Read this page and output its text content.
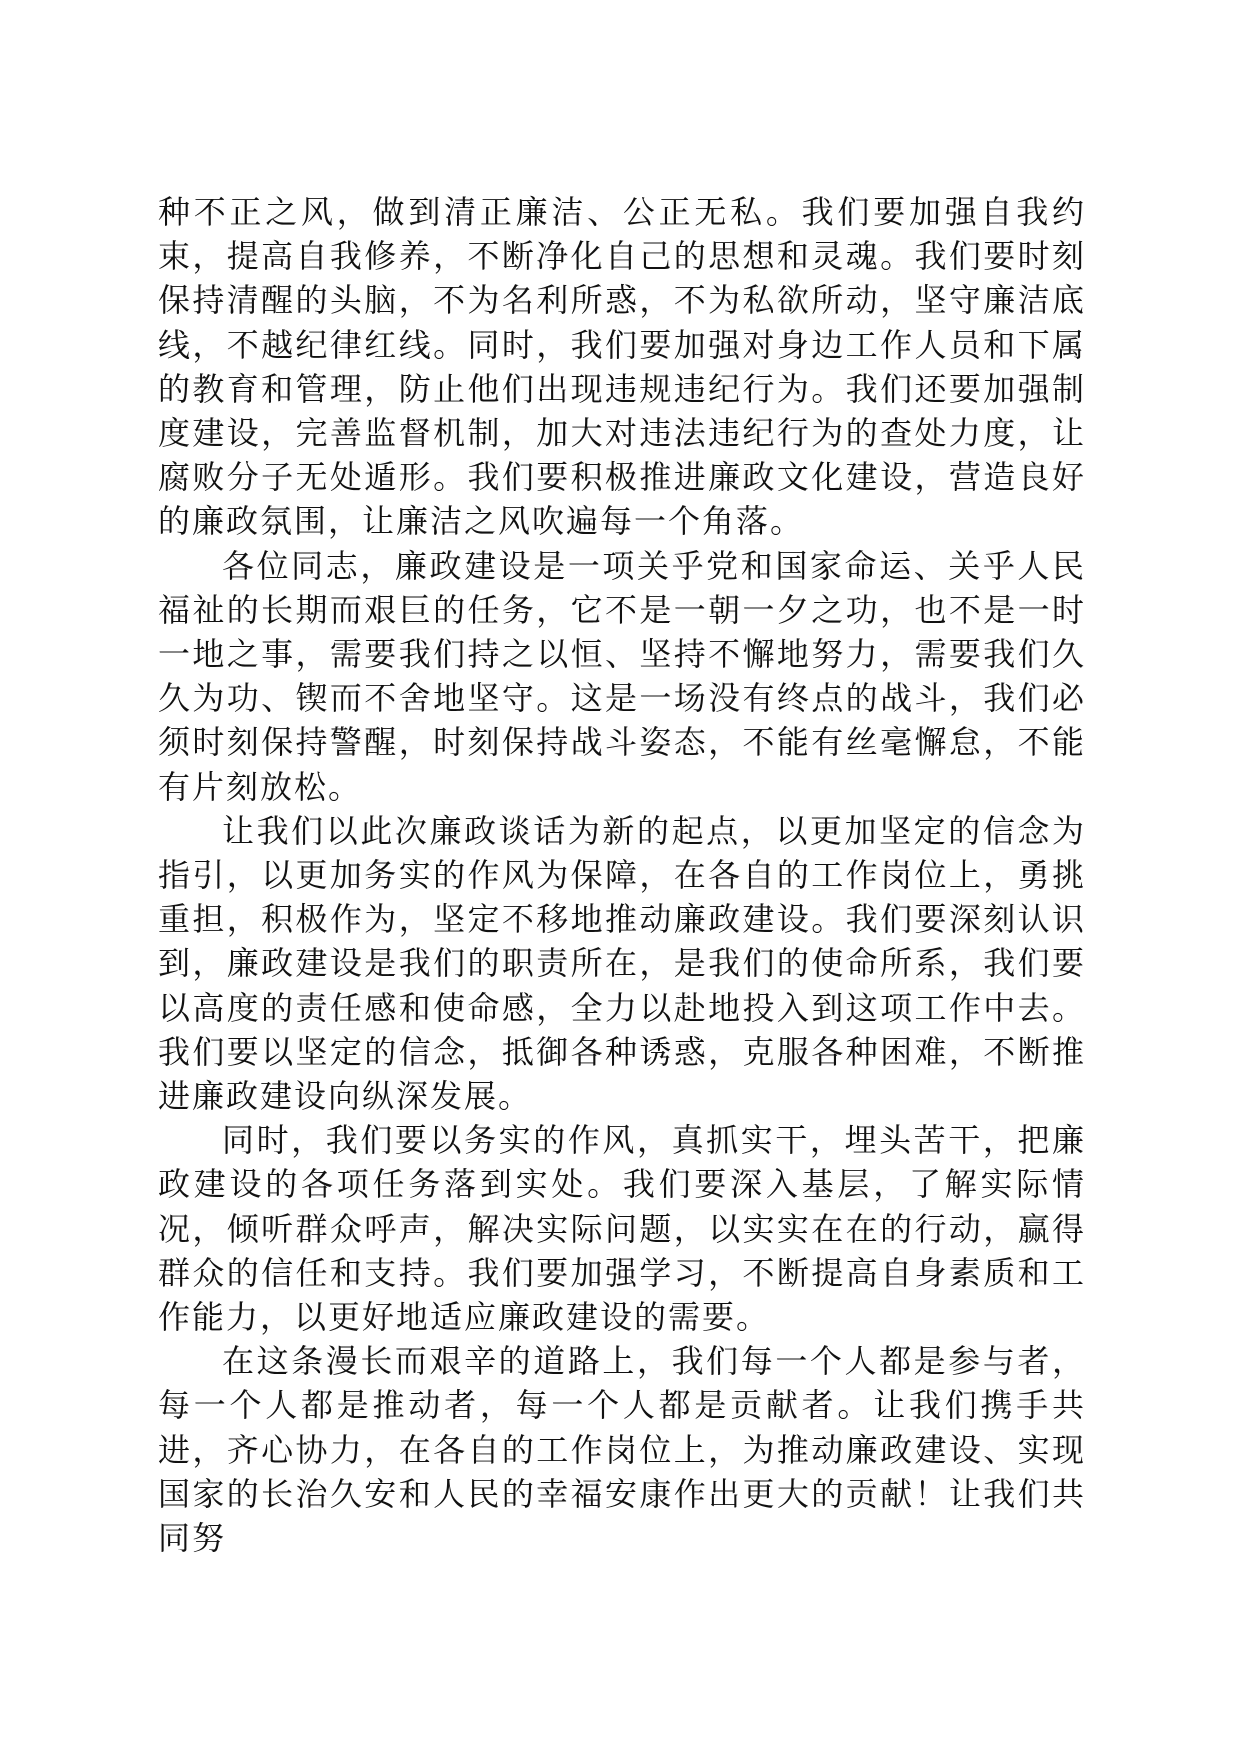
种不正之风，做到清正廉洁、公正无私。我们要加强自我约束，提高自我修养，不断净化自己的思想和灵魂。我们要时刻保持清醒的头脑，不为名利所惑，不为私欲所动，坚守廉洁底线，不越纪律红线。同时，我们要加强对身边工作人员和下属的教育和管理，防止他们出现违规违纪行为。我们还要加强制度建设，完善监督机制，加大对违法违纪行为的查处力度，让腐败分子无处遁形。我们要积极推进廉政文化建设，营造良好的廉政氛围，让廉洁之风吹遍每一个角落。

各位同志，廉政建设是一项关乎党和国家命运、关乎人民福祉的长期而艰巨的任务，它不是一朝一夕之功，也不是一时一地之事，需要我们持之以恒、坚持不懈地努力，需要我们久久为功、锲而不舍地坚守。这是一场没有终点的战斗，我们必须时刻保持警醒，时刻保持战斗姿态，不能有丝毫懈怠，不能有片刻放松。

让我们以此次廉政谈话为新的起点，以更加坚定的信念为指引，以更加务实的作风为保障，在各自的工作岗位上，勇挑重担，积极作为，坚定不移地推动廉政建设。我们要深刻认识到，廉政建设是我们的职责所在，是我们的使命所系，我们要以高度的责任感和使命感，全力以赴地投入到这项工作中去。我们要以坚定的信念，抵御各种诱惑，克服各种困难，不断推进廉政建设向纵深发展。

同时，我们要以务实的作风，真抓实干，埋头苦干，把廉政建设的各项任务落到实处。我们要深入基层，了解实际情况，倾听群众呼声，解决实际问题，以实实在在的行动，赢得群众的信任和支持。我们要加强学习，不断提高自身素质和工作能力，以更好地适应廉政建设的需要。

在这条漫长而艰辛的道路上，我们每一个人都是参与者，每一个人都是推动者，每一个人都是贡献者。让我们携手共进，齐心协力，在各自的工作岗位上，为推动廉政建设、实现国家的长治久安和人民的幸福安康作出更大的贡献！让我们共同努
